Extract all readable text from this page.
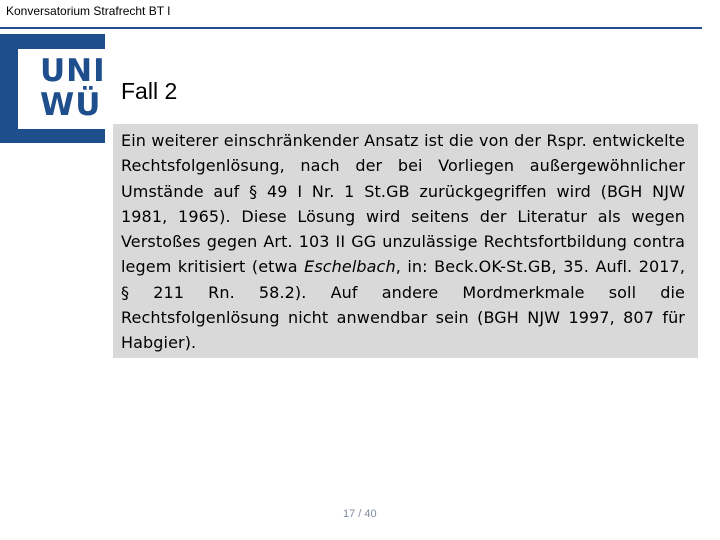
Konversatorium Strafrecht BT I
UNI
WÜ Fall 2
Ein weiterer einschränkender Ansatz ist die von der Rspr. entwickelte Rechtsfolgenlösung, nach der bei Vorliegen außergewöhnlicher Umstände auf § 49 I Nr. 1 St.GB zurückgegriffen wird (BGH NJW 1981, 1965). Diese Lösung wird seitens der Literatur als wegen Verstoßes gegen Art. 103 II GG unzulässige Rechtsfortbildung contra legem kritisiert (etwa Eschelbach, in: Beck.OK-St.GB, 35. Aufl. 2017, § 211 Rn. 58.2). Auf andere Mordmerkmale soll die Rechtsfolgenlösung nicht anwendbar sein (BGH NJW 1997, 807 für Habgier).
17 / 40
